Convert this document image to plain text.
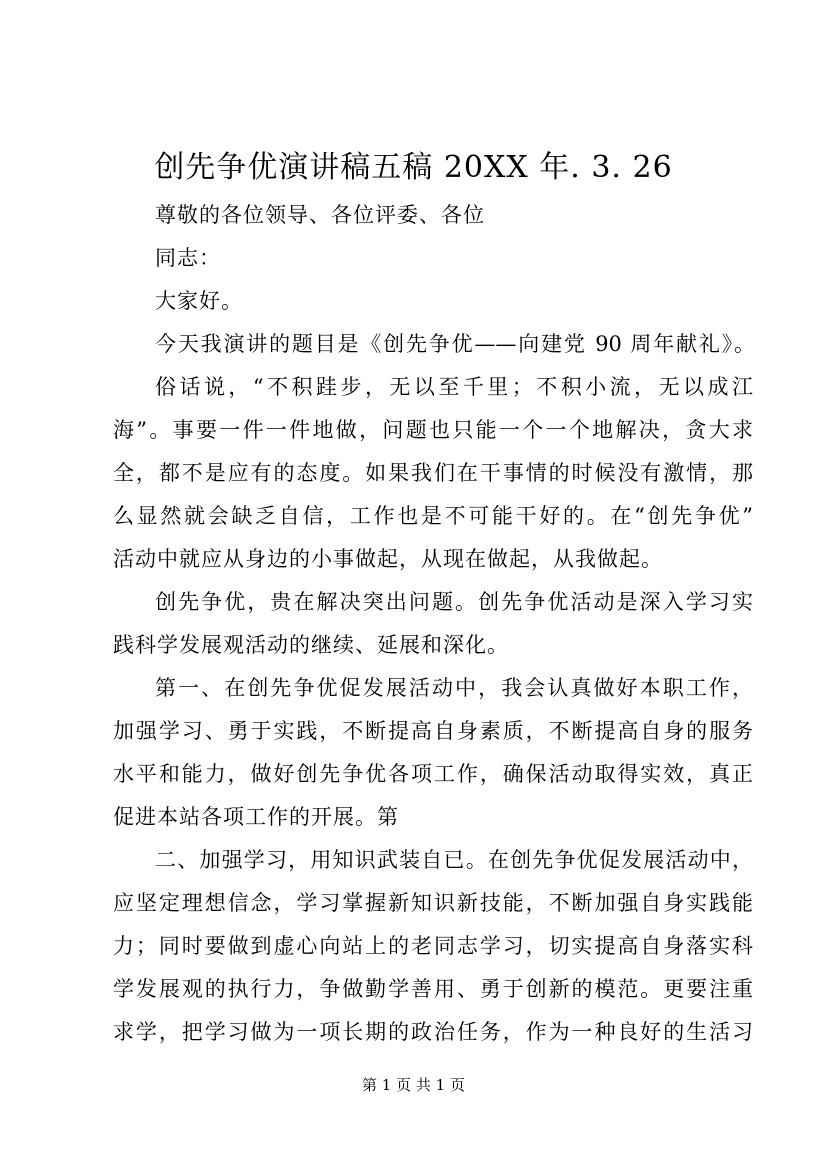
创先争优演讲稿五稿 20XX 年. 3. 26
尊敬的各位领导、各位评委、各位
同志：
大家好。
今天我演讲的题目是《创先争优——向建党 90 周年献礼》。
俗话说，“不积跬步，无以至千里；不积小流，无以成江
海”。事要一件一件地做，问题也只能一个一个地解决，贪大求
全，都不是应有的态度。如果我们在干事情的时候没有激情，那
么显然就会缺乏自信，工作也是不可能干好的。在“创先争优”
活动中就应从身边的小事做起，从现在做起，从我做起。
创先争优，贵在解决突出问题。创先争优活动是深入学习实
践科学发展观活动的继续、延展和深化。
第一、在创先争优促发展活动中，我会认真做好本职工作，
加强学习、勇于实践，不断提高自身素质，不断提高自身的服务
水平和能力，做好创先争优各项工作，确保活动取得实效，真正
促进本站各项工作的开展。第
二、加强学习，用知识武装自已。在创先争优促发展活动中，
应坚定理想信念，学习掌握新知识新技能，不断加强自身实践能
力；同时要做到虚心向站上的老同志学习，切实提高自身落实科
学发展观的执行力，争做勤学善用、勇于创新的模范。更要注重
求学，把学习做为一项长期的政治任务，作为一种良好的生活习
第 1 页 共 1 页
